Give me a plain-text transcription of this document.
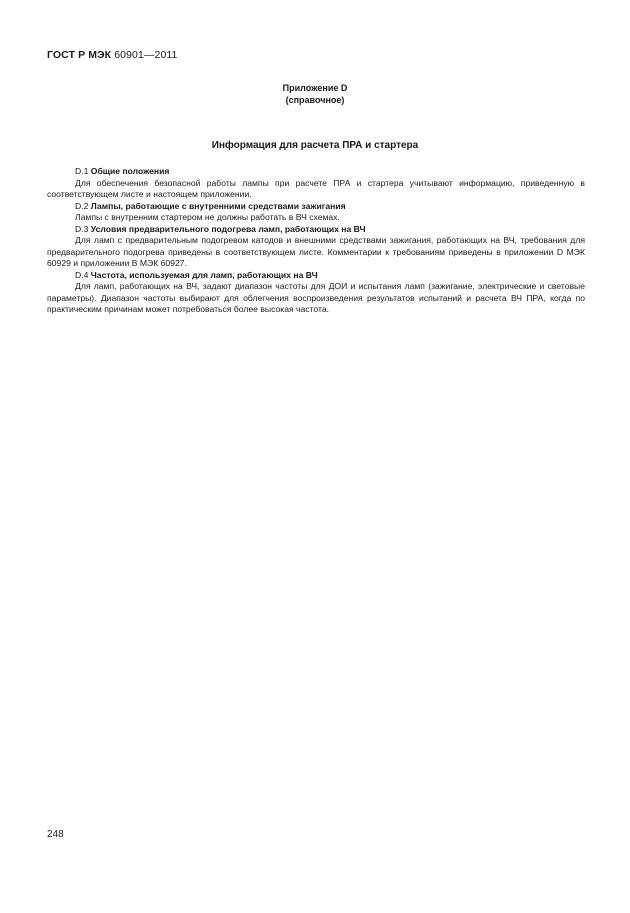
ГОСТ Р МЭК 60901—2011
Приложение D
(справочное)
Информация для расчета ПРА и стартера

D.1 Общие положения

Для обеспечения безопасной работы лампы при расчете ПРА и стартера учитывают информацию, приведенную в соответствующем листе и настоящем приложении.

D.2 Лампы, работающие с внутренними средствами зажигания

Лампы с внутренним стартером не должны работать в ВЧ схемах.

D.3 Условия предварительного подогрева ламп, работающих на ВЧ

Для ламп с предварительным подогревом катодов и внешними средствами зажигания, работающих на ВЧ, требования для предварительного подогрева приведены в соответствующем листе. Комментарии к требованиям приведены в приложении D МЭК 60929 и приложении В МЭК 60927.

D.4 Частота, используемая для ламп, работающих на ВЧ

Для ламп, работающих на ВЧ, задают диапазон частоты для ДОИ и испытания ламп (зажигание, электрические и световые параметры). Диапазон частоты выбирают для облегчения воспроизведения результатов испытаний и расчета ВЧ ПРА, когда по практическим причинам может потребоваться более высокая частота.

248
